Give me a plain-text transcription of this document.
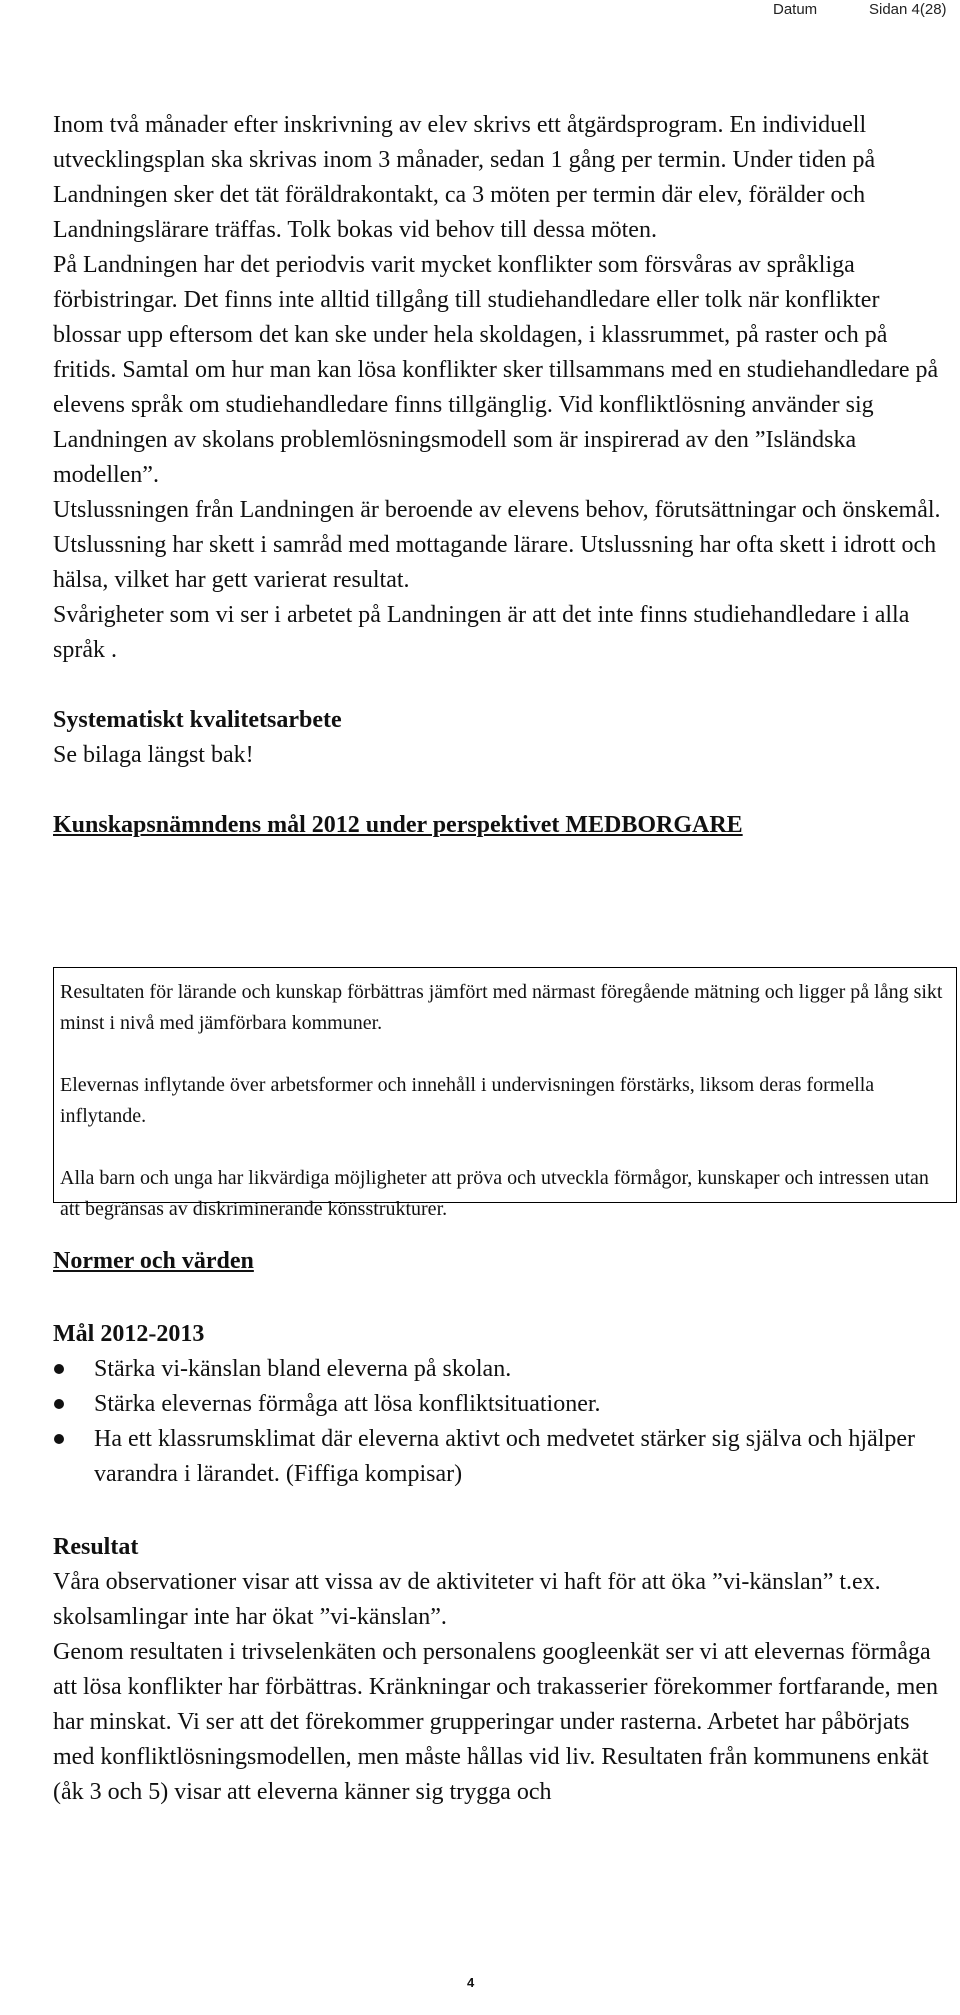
Datum	Sidan 4(28)

Inom två månader efter inskrivning av elev skrivs ett åtgärdsprogram. En individuell utvecklingsplan ska skrivas inom 3 månader, sedan 1 gång per termin. Under tiden på Landningen sker det tät föräldrakontakt, ca 3 möten per termin där elev, förälder och Landningslärare träffas. Tolk bokas vid behov till dessa möten.

På Landningen har det periodvis varit mycket konflikter som försvåras av språkliga förbistringar. Det finns inte alltid tillgång till studiehandledare eller tolk när konflikter blossar upp eftersom det kan ske under hela skoldagen, i klassrummet, på raster och på fritids. Samtal om hur man kan lösa konflikter sker tillsammans med en studiehandledare på elevens språk om studiehandledare finns tillgänglig. Vid konfliktlösning använder sig Landningen av skolans problemlösningsmodell som är inspirerad av den ”Isländska modellen”.

Utslussningen från Landningen är beroende av elevens behov, förutsättningar och önskemål. Utslussning har skett i samråd med mottagande lärare. Utslussning har ofta skett i idrott och hälsa, vilket har gett varierat resultat.

Svårigheter som vi ser i arbetet på Landningen är att det inte finns studiehandledare i alla språk .

Systematiskt kvalitetsarbete

Se bilaga längst bak!

Kunskapsnämndens mål 2012 under perspektivet MEDBORGARE

Resultaten för lärande och kunskap förbättras jämfört med närmast föregående mätning och ligger på lång sikt minst i nivå med jämförbara kommuner.

Elevernas inflytande över arbetsformer och innehåll i undervisningen förstärks, liksom deras formella inflytande.

Alla barn och unga har likvärdiga möjligheter att pröva och utveckla förmågor, kunskaper och intressen utan att begränsas av diskriminerande könsstrukturer.

Normer och värden

Mål 2012-2013

Stärka vi-känslan bland eleverna på skolan.
Stärka elevernas förmåga att lösa konfliktsituationer.
Ha ett klassrumsklimat där eleverna aktivt och medvetet stärker sig själva och hjälper varandra i lärandet. (Fiffiga kompisar)

Resultat

Våra observationer visar att vissa av de aktiviteter vi haft för att öka ”vi-känslan” t.ex. skolsamlingar inte har ökat ”vi-känslan”.

Genom resultaten i trivselenkäten och personalens googleenkät ser vi att elevernas förmåga att lösa konflikter har förbättras. Kränkningar och trakasserier förekommer fortfarande, men har minskat. Vi ser att det förekommer grupperingar under rasterna. Arbetet har påbörjats med konfliktlösningsmodellen, men måste hållas vid liv. Resultaten från kommunens enkät (åk 3 och 5) visar att eleverna känner sig trygga och

4
